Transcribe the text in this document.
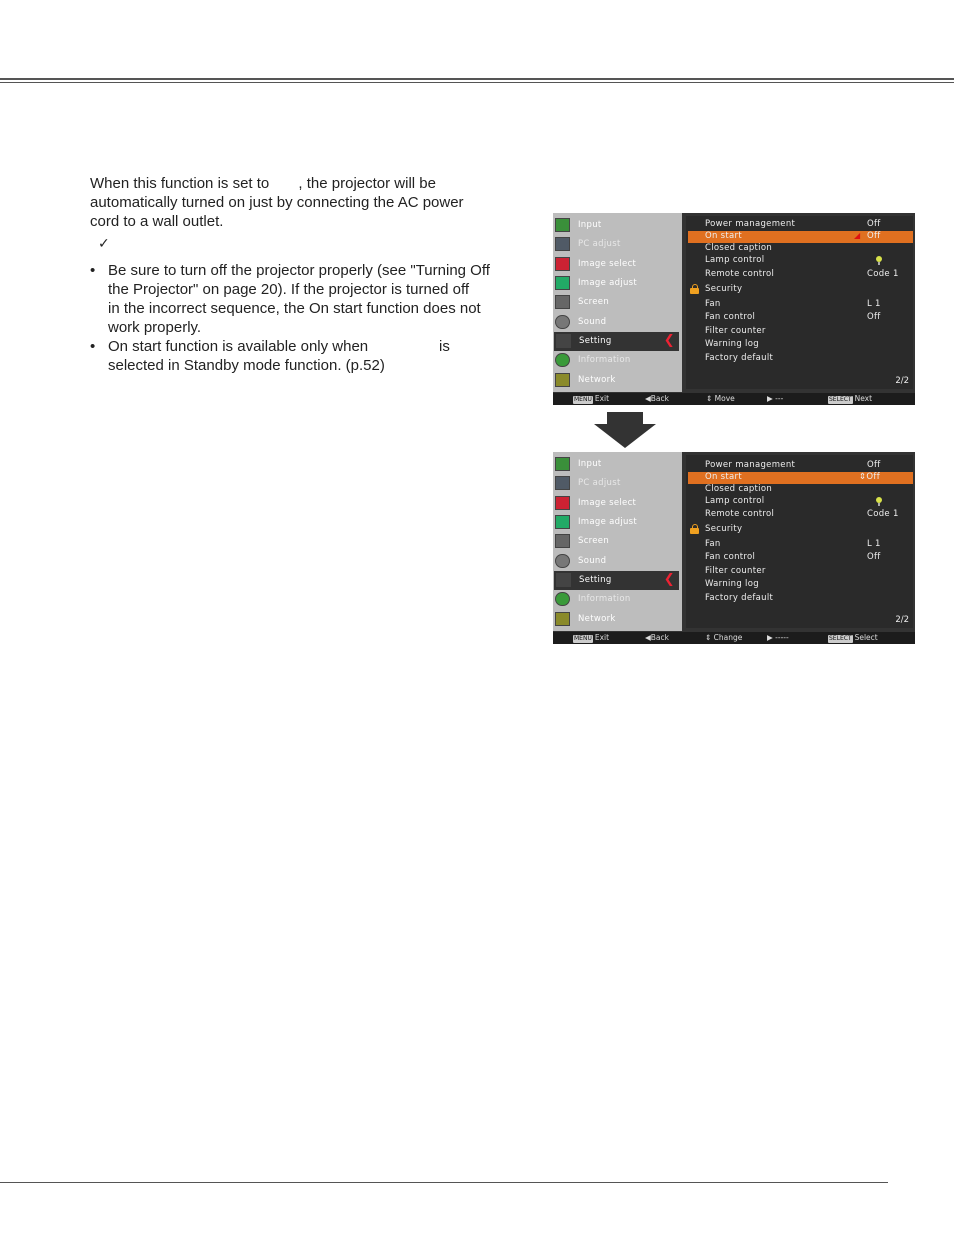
When this function is set to       , the projector will be

automatically turned on just by connecting the AC power

cord to a wall outlet.

✓
• Be sure to turn off the projector properly (see "Turning Off
the Projector" on page 20). If the projector is turned off
in the incorrect sequence, the On start function does not
work properly.
• On start function is available only when                 is
selected in Standby mode function. (p.52)
Input
PC adjust
Image select
Image adjust
Screen
Sound
Setting	❮
Information
Network
Power management	Off
On start	◢ Off
Closed caption
Lamp control
Remote control	Code 1
Security
Fan	L 1
Fan control	Off
Filter counter
Warning log
Factory default
2/2
MENU Exit	◀Back	⇕ Move	▶ ---	SELECT Next
Input
PC adjust
Image select
Image adjust
Screen
Sound
Setting	❮
Information
Network
Power management	Off
On start	⇕Off
Closed caption
Lamp control
Remote control	Code 1
Security
Fan	L 1
Fan control	Off
Filter counter
Warning log
Factory default
2/2
MENU Exit	◀Back	⇕ Change	▶ -----	SELECT Select
